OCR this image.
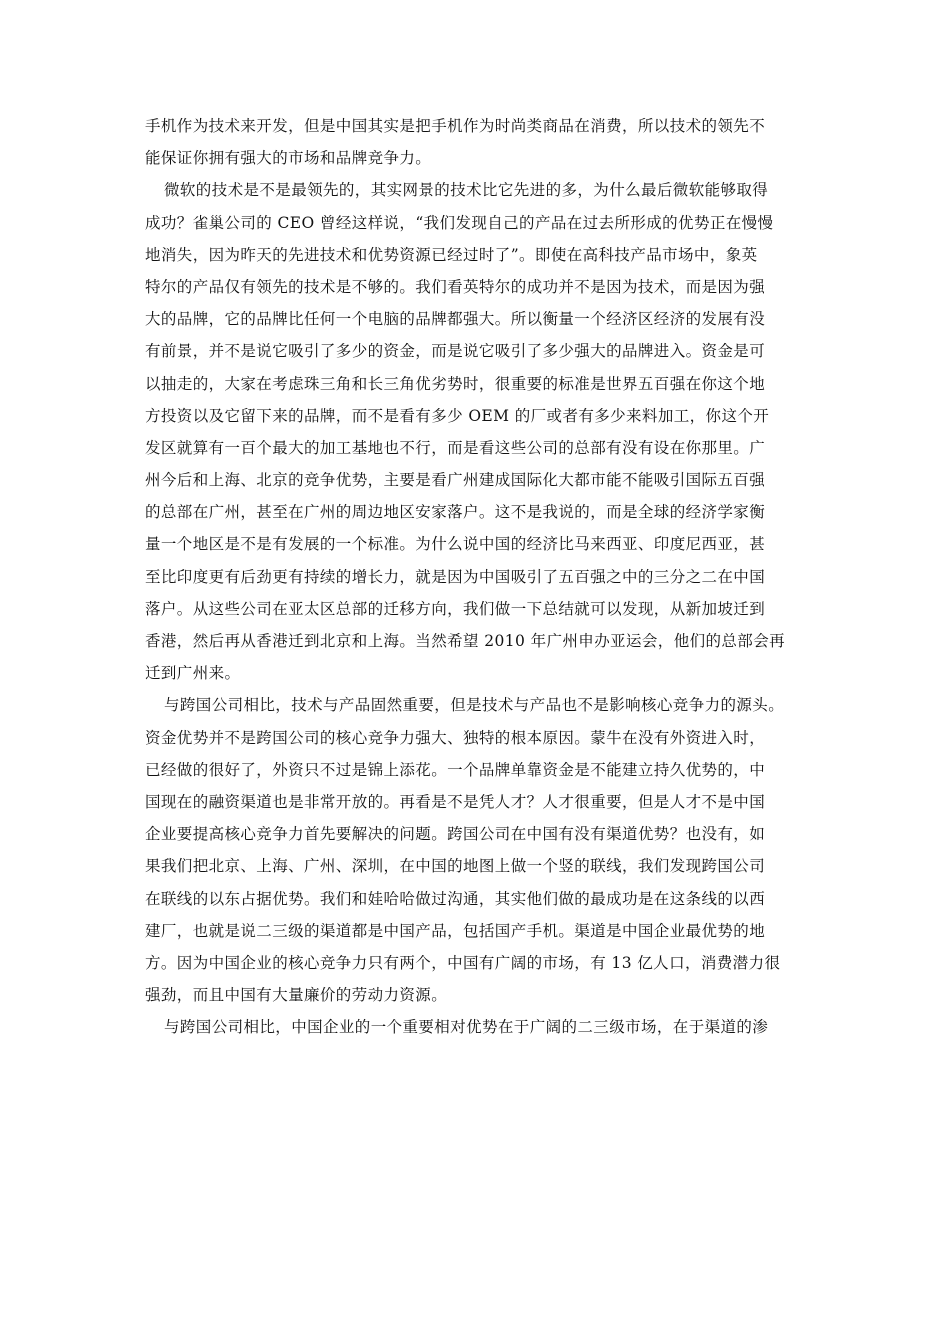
手机作为技术来开发，但是中国其实是把手机作为时尚类商品在消费，所以技术的领先不
能保证你拥有强大的市场和品牌竞争力。
微软的技术是不是最领先的，其实网景的技术比它先进的多，为什么最后微软能够取得
成功？雀巢公司的 CEO 曾经这样说，“我们发现自己的产品在过去所形成的优势正在慢慢
地消失，因为昨天的先进技术和优势资源已经过时了”。即使在高科技产品市场中，象英
特尔的产品仅有领先的技术是不够的。我们看英特尔的成功并不是因为技术，而是因为强
大的品牌，它的品牌比任何一个电脑的品牌都强大。所以衡量一个经济区经济的发展有没
有前景，并不是说它吸引了多少的资金，而是说它吸引了多少强大的品牌进入。资金是可
以抽走的，大家在考虑珠三角和长三角优劣势时，很重要的标准是世界五百强在你这个地
方投资以及它留下来的品牌，而不是看有多少 OEM 的厂或者有多少来料加工，你这个开
发区就算有一百个最大的加工基地也不行，而是看这些公司的总部有没有设在你那里。广
州今后和上海、北京的竞争优势，主要是看广州建成国际化大都市能不能吸引国际五百强
的总部在广州，甚至在广州的周边地区安家落户。这不是我说的，而是全球的经济学家衡
量一个地区是不是有发展的一个标准。为什么说中国的经济比马来西亚、印度尼西亚，甚
至比印度更有后劲更有持续的增长力，就是因为中国吸引了五百强之中的三分之二在中国
落户。从这些公司在亚太区总部的迁移方向，我们做一下总结就可以发现，从新加坡迁到
香港，然后再从香港迁到北京和上海。当然希望 2010 年广州申办亚运会，他们的总部会再
迁到广州来。
与跨国公司相比，技术与产品固然重要，但是技术与产品也不是影响核心竞争力的源头。
资金优势并不是跨国公司的核心竞争力强大、独特的根本原因。蒙牛在没有外资进入时，
已经做的很好了，外资只不过是锦上添花。一个品牌单靠资金是不能建立持久优势的，中
国现在的融资渠道也是非常开放的。再看是不是凭人才？人才很重要，但是人才不是中国
企业要提高核心竞争力首先要解决的问题。跨国公司在中国有没有渠道优势？也没有，如
果我们把北京、上海、广州、深圳，在中国的地图上做一个竖的联线，我们发现跨国公司
在联线的以东占据优势。我们和娃哈哈做过沟通，其实他们做的最成功是在这条线的以西
建厂，也就是说二三级的渠道都是中国产品，包括国产手机。渠道是中国企业最优势的地
方。因为中国企业的核心竞争力只有两个，中国有广阔的市场，有 13 亿人口，消费潜力很
强劲，而且中国有大量廉价的劳动力资源。
与跨国公司相比，中国企业的一个重要相对优势在于广阔的二三级市场，在于渠道的渗
